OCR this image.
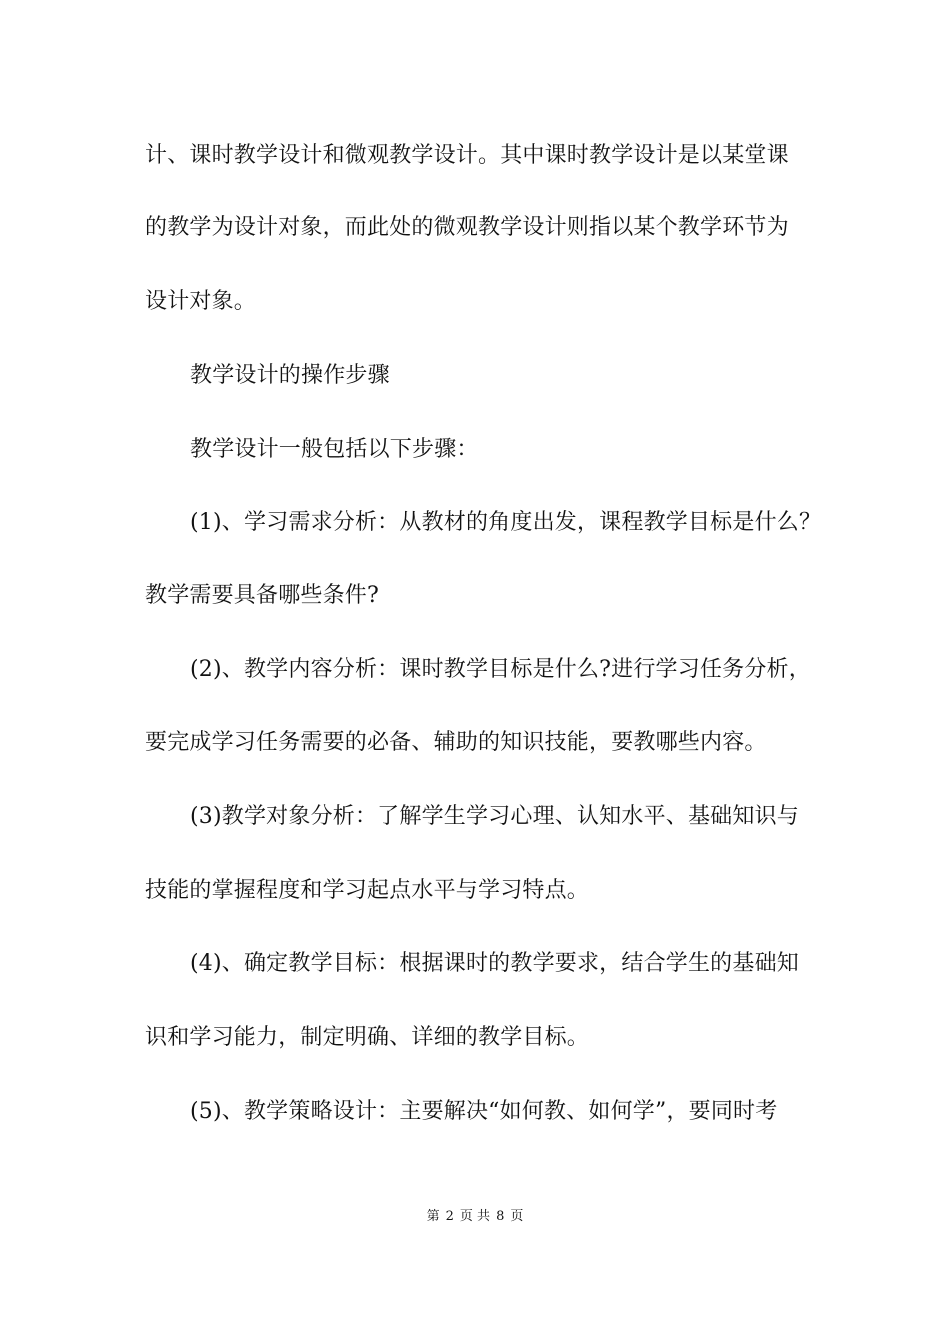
计、课时教学设计和微观教学设计。其中课时教学设计是以某堂课
的教学为设计对象，而此处的微观教学设计则指以某个教学环节为
设计对象。
教学设计的操作步骤
教学设计一般包括以下步骤：
(1)、学习需求分析：从教材的角度出发，课程教学目标是什么？
教学需要具备哪些条件?
(2)、教学内容分析：课时教学目标是什么?进行学习任务分析，
要完成学习任务需要的必备、辅助的知识技能，要教哪些内容。
(3)教学对象分析：了解学生学习心理、认知水平、基础知识与
技能的掌握程度和学习起点水平与学习特点。
(4)、确定教学目标：根据课时的教学要求，结合学生的基础知
识和学习能力，制定明确、详细的教学目标。
(5)、教学策略设计：主要解决“如何教、如何学”，要同时考
第 2 页 共 8 页
